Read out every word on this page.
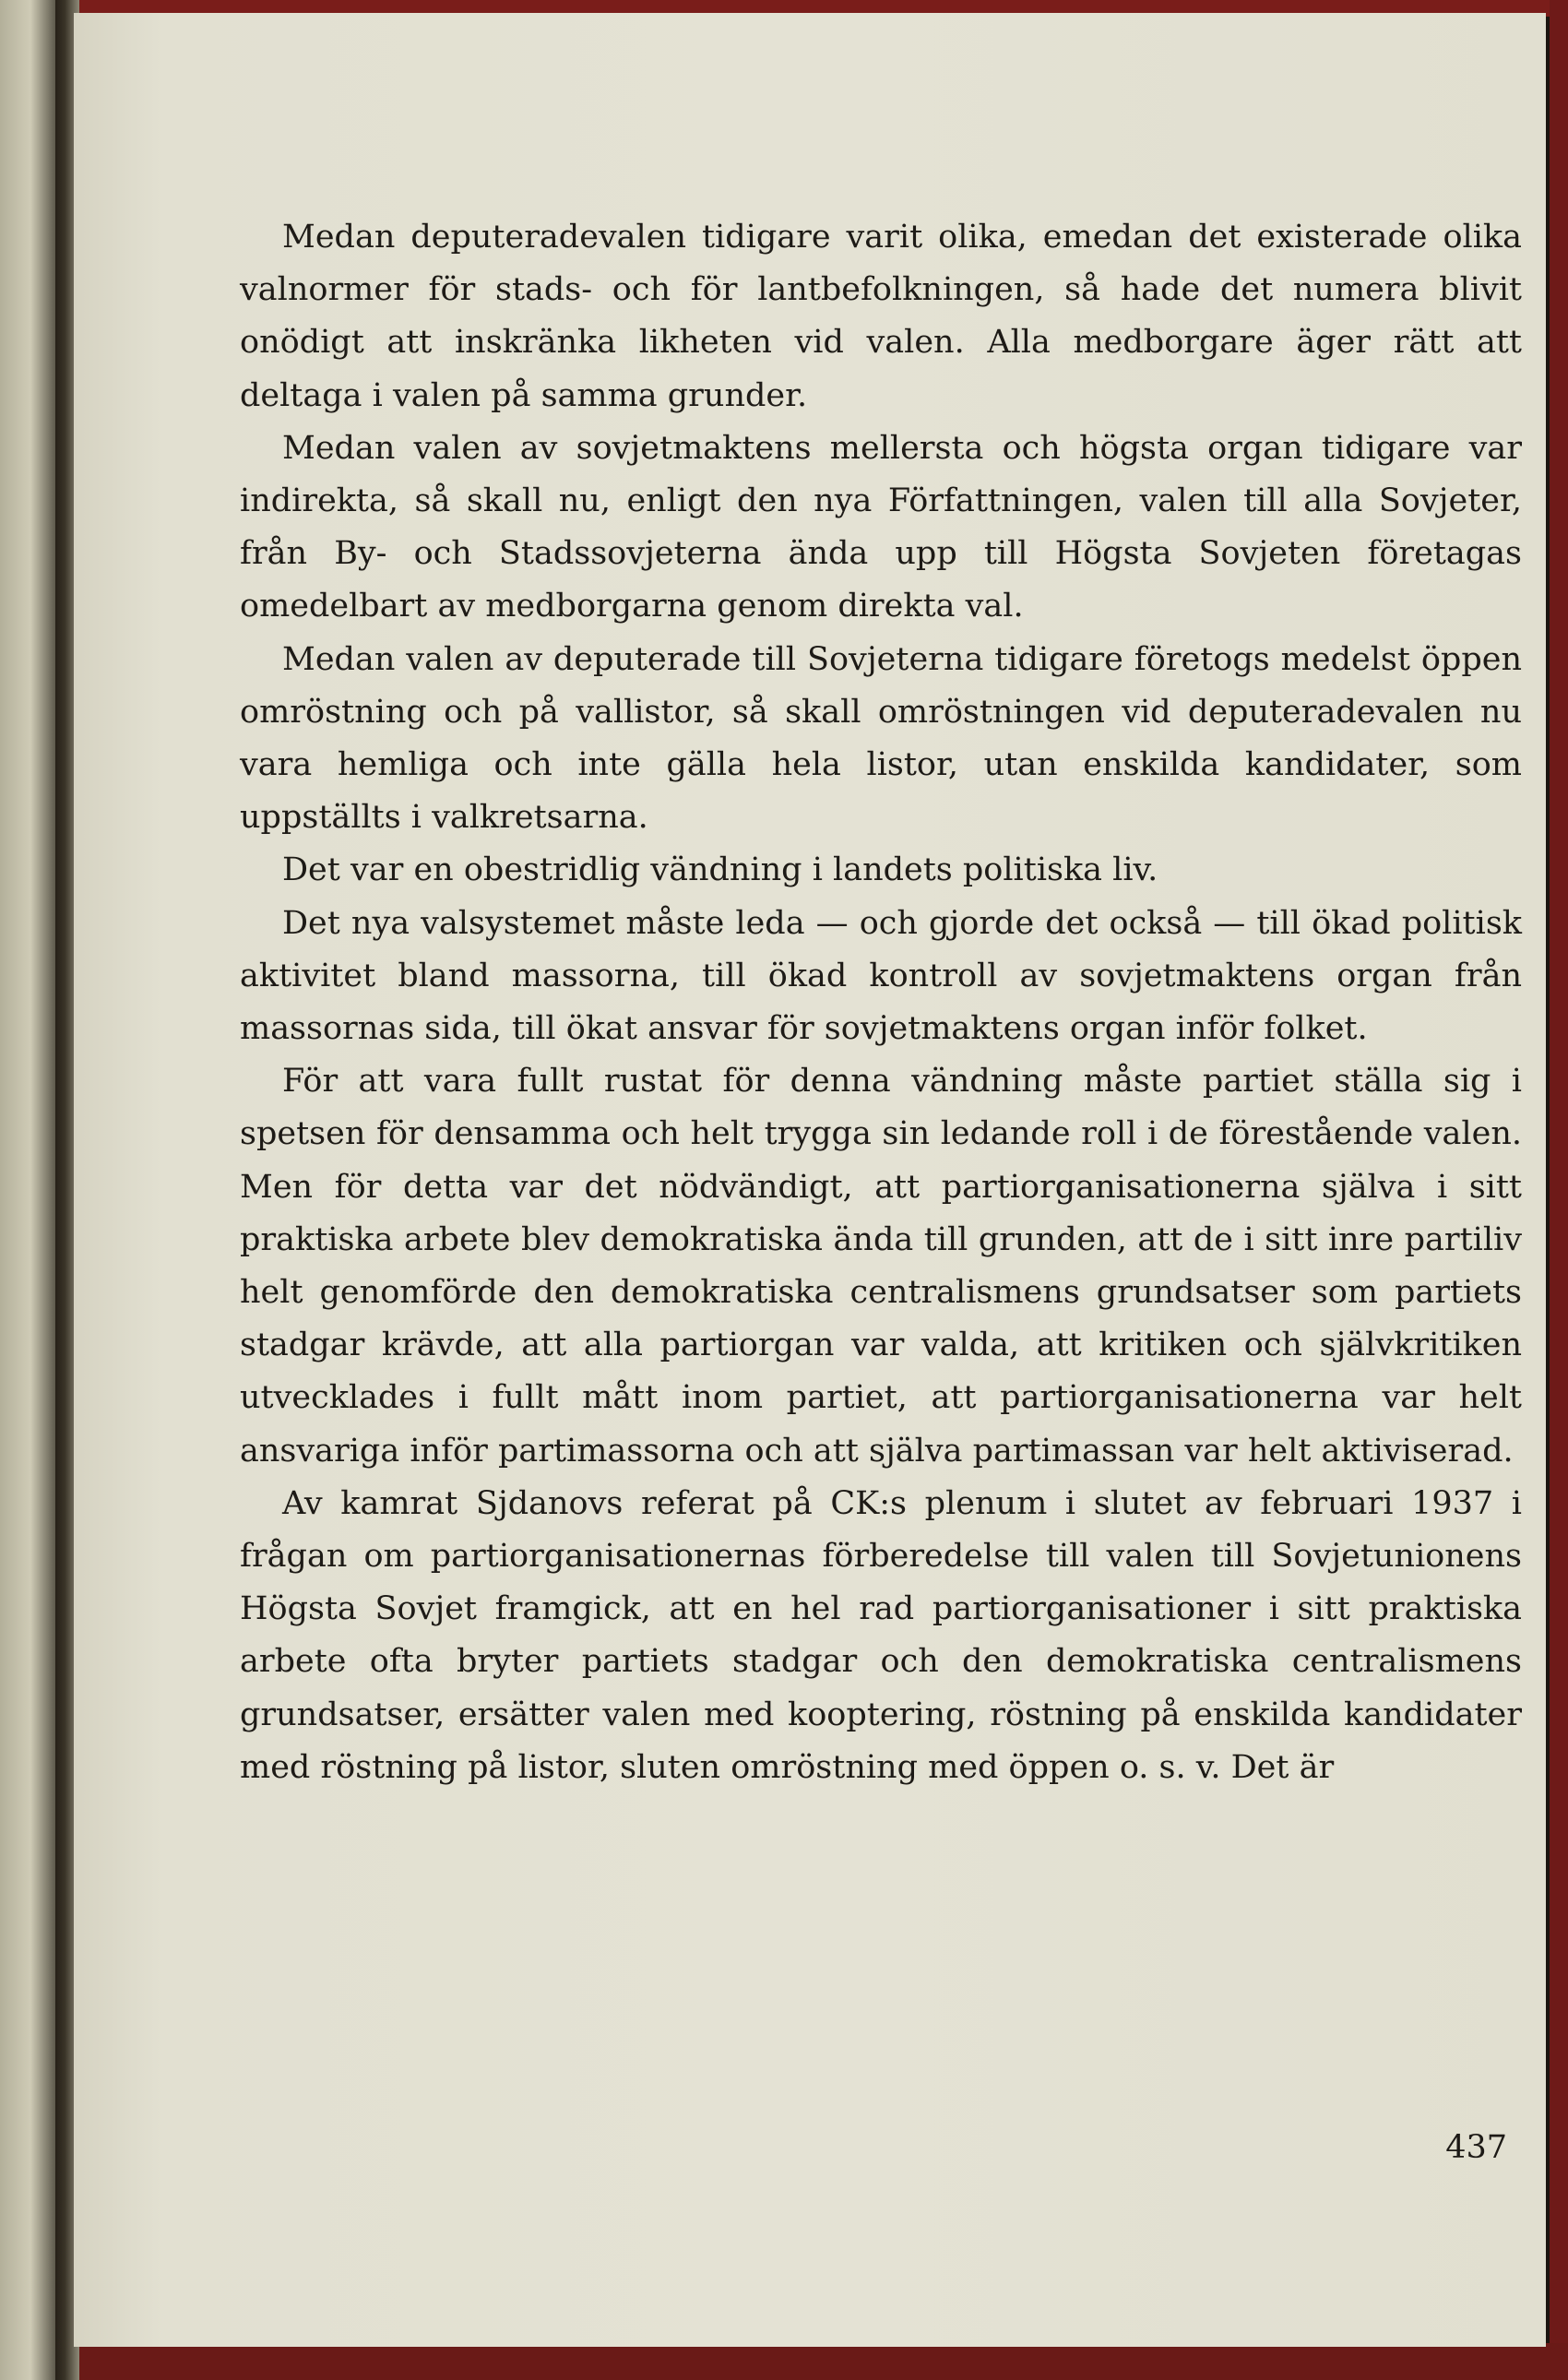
Medan deputeradevalen tidigare varit olika, emedan det existerade olika valnormer för stads- och för lantbefolkningen, så hade det numera blivit onödigt att inskränka likheten vid valen. Alla medborgare äger rätt att deltaga i valen på samma grunder.

Medan valen av sovjetmaktens mellersta och högsta organ tidigare var indirekta, så skall nu, enligt den nya Författningen, valen till alla Sovjeter, från By- och Stadssovjeterna ända upp till Högsta Sovjeten företagas omedelbart av medborgarna genom direkta val.

Medan valen av deputerade till Sovjeterna tidigare företogs medelst öppen omröstning och på vallistor, så skall omröstningen vid deputeradevalen nu vara hemliga och inte gälla hela listor, utan enskilda kandidater, som uppställts i valkretsarna.

Det var en obestridlig vändning i landets politiska liv.

Det nya valsystemet måste leda — och gjorde det också — till ökad politisk aktivitet bland massorna, till ökad kontroll av sovjetmaktens organ från massornas sida, till ökat ansvar för sovjetmaktens organ inför folket.

För att vara fullt rustat för denna vändning måste partiet ställa sig i spetsen för densamma och helt trygga sin ledande roll i de förestående valen. Men för detta var det nödvändigt, att partiorganisationerna själva i sitt praktiska arbete blev demokratiska ända till grunden, att de i sitt inre partiliv helt genomförde den demokratiska centralismens grundsatser som partiets stadgar krävde, att alla partiorgan var valda, att kritiken och självkritiken utvecklades i fullt mått inom partiet, att partiorganisationerna var helt ansvariga inför partimassorna och att själva partimassan var helt aktiviserad.

Av kamrat Sjdanovs referat på CK:s plenum i slutet av februari 1937 i frågan om partiorganisationernas förberedelse till valen till Sovjetunionens Högsta Sovjet framgick, att en hel rad partiorganisationer i sitt praktiska arbete ofta bryter partiets stadgar och den demokratiska centralismens grundsatser, ersätter valen med kooptering, röstning på enskilda kandidater med röstning på listor, sluten omröstning med öppen o. s. v. Det är

437
